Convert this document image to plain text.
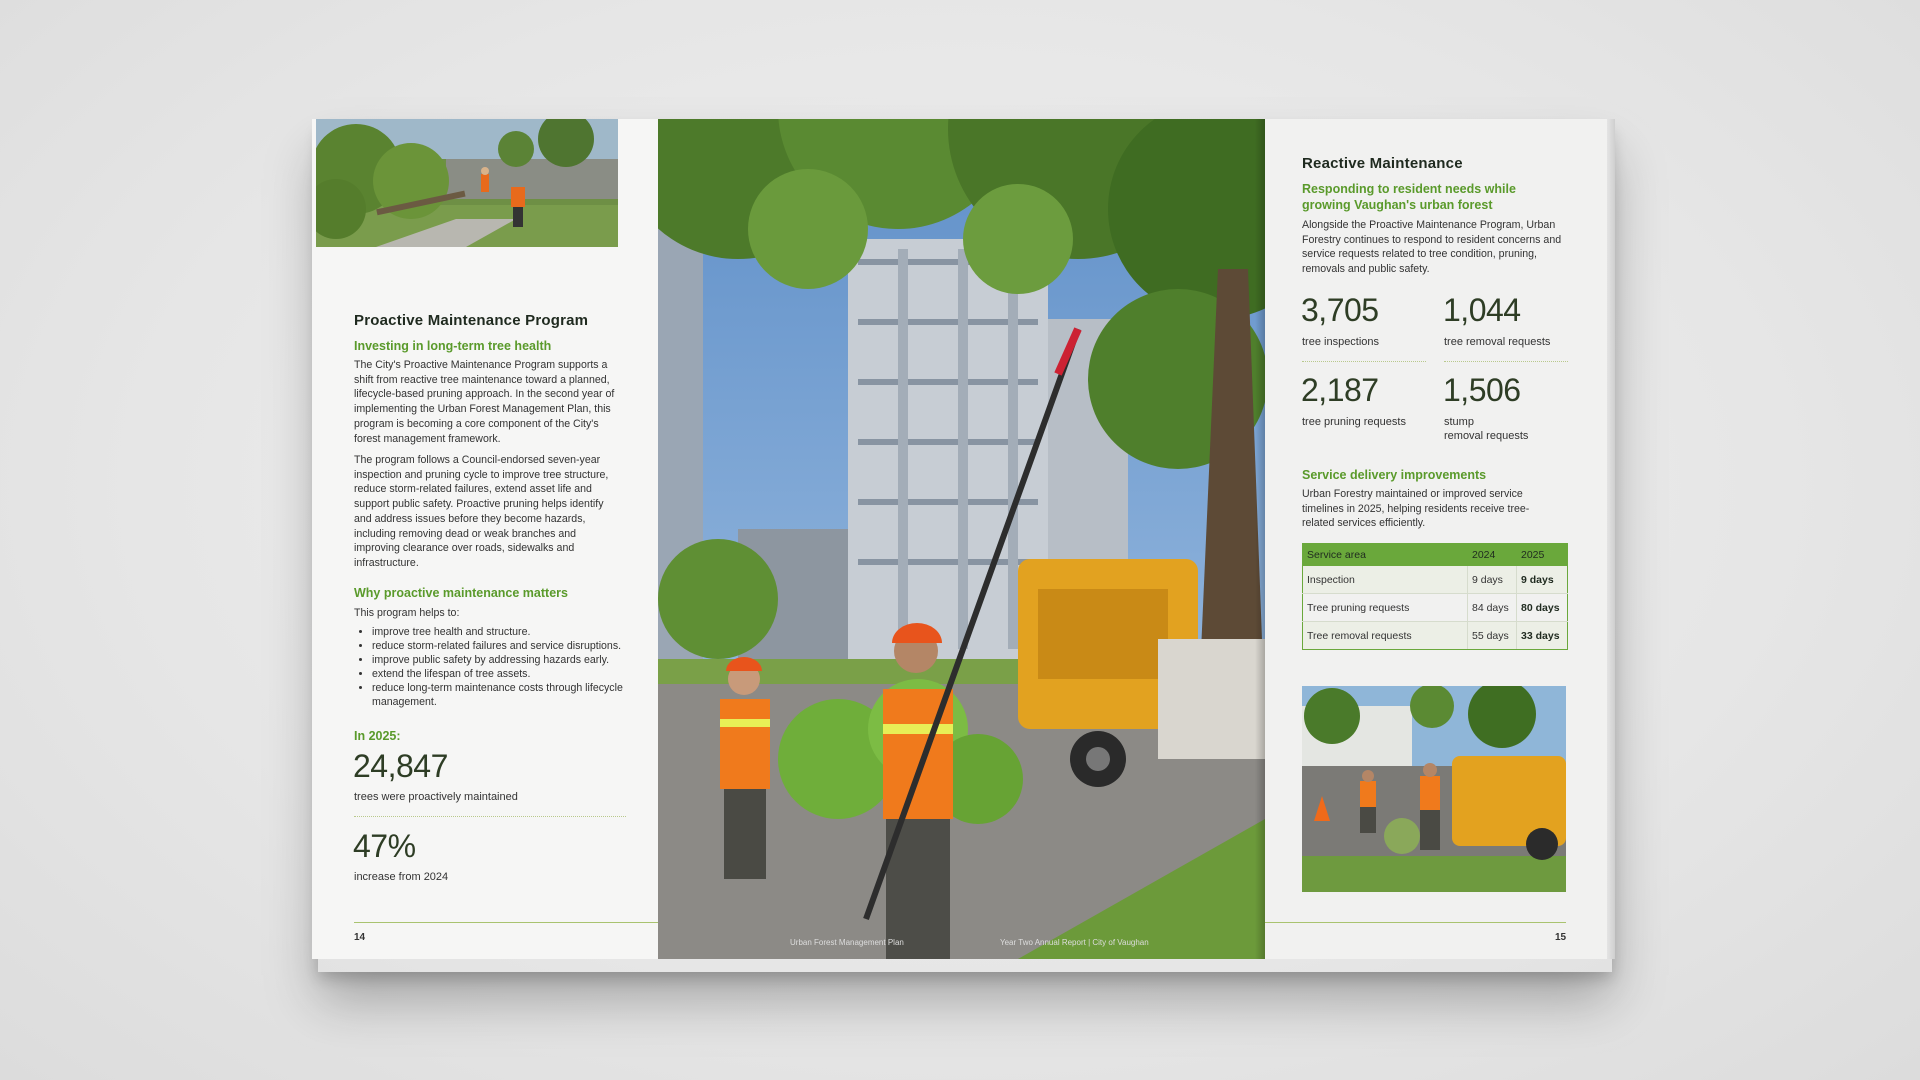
Proactive Maintenance Program
Investing in long-term tree health

The City's Proactive Maintenance Program supports a shift from reactive tree maintenance toward a planned, lifecycle-based pruning approach. In the second year of implementing the Urban Forest Management Plan, this program is becoming a core component of the City's forest management framework.

The program follows a Council-endorsed seven-year inspection and pruning cycle to improve tree structure, reduce storm-related failures, extend asset life and support public safety. Proactive pruning helps identify and address issues before they become hazards, including removing dead or weak branches and improving clearance over roads, sidewalks and infrastructure.

Why proactive maintenance matters
This program helps to:
• improve tree health and structure.
• reduce storm-related failures and service disruptions.
• improve public safety by addressing hazards early.
• extend the lifespan of tree assets.
• reduce long-term maintenance costs through lifecycle management.
In 2025:
24,847
trees were proactively maintained
47%
increase from 2024
14	Urban Forest Management Plan	Year Two Annual Report | City of Vaughan
Reactive Maintenance
Responding to resident needs while
growing Vaughan's urban forest

Alongside the Proactive Maintenance Program, Urban Forestry continues to respond to resident concerns and service requests related to tree condition, pruning, removals and public safety.

3,705
tree inspections
1,044
tree removal requests
2,187
tree pruning requests
1,506
stump
removal requests
Service delivery improvements

Urban Forestry maintained or improved service timelines in 2025, helping residents receive tree-related services efficiently.

Service area	2024	2025
Inspection	9 days	9 days
Tree pruning requests	84 days	80 days
Tree removal requests	55 days	33 days
15
